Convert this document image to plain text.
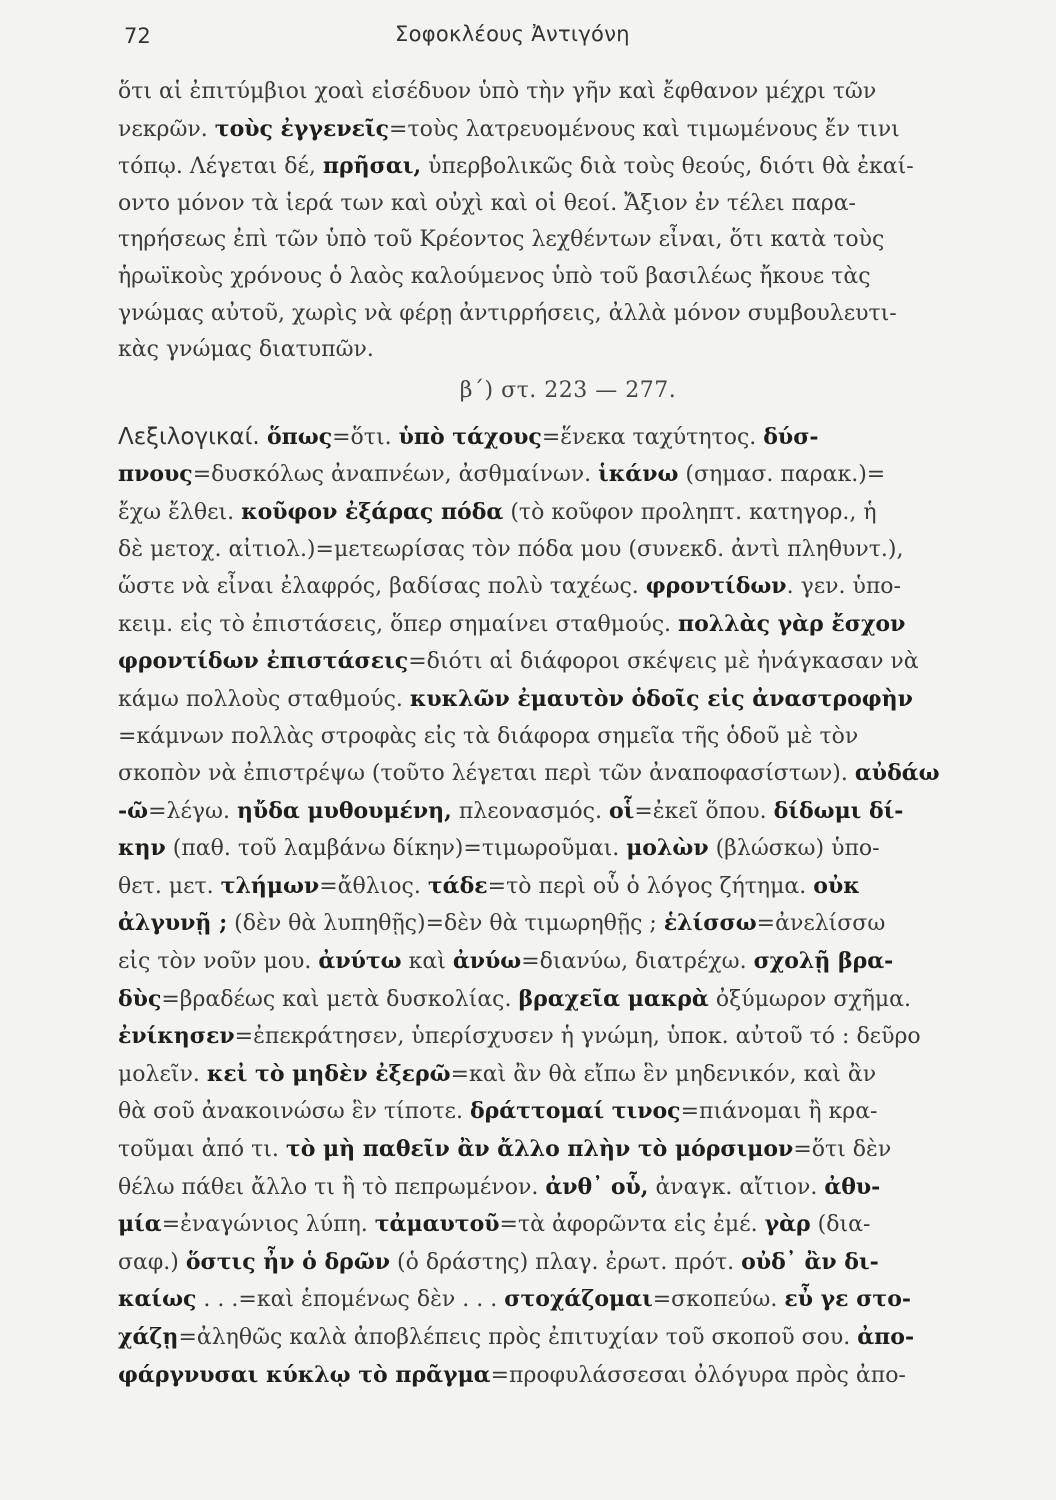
72	Σοφοκλέους Ἀντιγόνη
ὅτι αἱ ἐπιτύμβιοι χοαὶ εἰσέδυον ὑπὸ τὴν γῆν καὶ ἔφθανον μέχρι τῶν
νεκρῶν. τοὺς ἐγγενεῖς=τοὺς λατρευομένους καὶ τιμωμένους ἔν τινι
τόπῳ. Λέγεται δέ, πρῆσαι, ὑπερβολικῶς διὰ τοὺς θεούς, διότι θὰ ἐκαί-
οντο μόνον τὰ ἱερά των καὶ οὐχὶ καὶ οἱ θεοί. Ἄξιον ἐν τέλει παρα-
τηρήσεως ἐπὶ τῶν ὑπὸ τοῦ Κρέοντος λεχθέντων εἶναι, ὅτι κατὰ τοὺς
ἡρωϊκοὺς χρόνους ὁ λαὸς καλούμενος ὑπὸ τοῦ βασιλέως ἤκουε τὰς
γνώμας αὐτοῦ, χωρὶς νὰ φέρῃ ἀντιρρήσεις, ἀλλὰ μόνον συμβουλευτι-
κὰς γνώμας διατυπῶν.
β΄) στ. 223 — 277.
Λεξιλογικαί. ὅπως=ὅτι. ὑπὸ τάχους=ἕνεκα ταχύτητος. δύσ-
πνους=δυσκόλως ἀναπνέων, ἀσθμαίνων. ἱκάνω (σημασ. παρακ.)=
ἔχω ἔλθει. κοῦφον ἐξάρας πόδα (τὸ κοῦφον προληπτ. κατηγορ., ἡ
δὲ μετοχ. αἰτιολ.)=μετεωρίσας τὸν πόδα μου (συνεκδ. ἀντὶ πληθυντ.),
ὥστε νὰ εἶναι ἐλαφρός, βαδίσας πολὺ ταχέως. φροντίδων. γεν. ὑπο-
κειμ. εἰς τὸ ἐπιστάσεις, ὅπερ σημαίνει σταθμούς. πολλὰς γὰρ ἔσχον
φροντίδων ἐπιστάσεις=διότι αἱ διάφοροι σκέψεις μὲ ἠνάγκασαν νὰ
κάμω πολλοὺς σταθμούς. κυκλῶν ἐμαυτὸν ὁδοῖς εἰς ἀναστροφὴν
=κάμνων πολλὰς στροφὰς εἰς τὰ διάφορα σημεῖα τῆς ὁδοῦ μὲ τὸν
σκοπὸν νὰ ἐπιστρέψω (τοῦτο λέγεται περὶ τῶν ἀναποφασίστων). αὐδάω
-ῶ=λέγω. ηὔδα μυθουμένη, πλεονασμός. οἷ=ἐκεῖ ὅπου. δίδωμι δί-
κην (παθ. τοῦ λαμβάνω δίκην)=τιμωροῦμαι. μολὼν (βλώσκω) ὑπο-
θετ. μετ. τλήμων=ἄθλιος. τάδε=τὸ περὶ οὗ ὁ λόγος ζήτημα. οὐκ
ἀλγυνῇ ; (δὲν θὰ λυπηθῇς)=δὲν θὰ τιμωρηθῇς ; ἑλίσσω=ἀνελίσσω
εἰς τὸν νοῦν μου. ἀνύτω καὶ ἀνύω=διανύω, διατρέχω. σχολῇ βρα-
δὺς=βραδέως καὶ μετὰ δυσκολίας. βραχεῖα μακρὰ ὀξύμωρον σχῆμα.
ἐνίκησεν=ἐπεκράτησεν, ὑπερίσχυσεν ἡ γνώμη, ὑποκ. αὐτοῦ τό : δεῦρο
μολεῖν. κεἰ τὸ μηδὲν ἐξερῶ=καὶ ἂν θὰ εἴπω ἓν μηδενικόν, καὶ ἂν
θὰ σοῦ ἀνακοινώσω ἓν τίποτε. δράττομαί τινος=πιάνομαι ἢ κρα-
τοῦμαι ἀπό τι. τὸ μὴ παθεῖν ἂν ἄλλο πλὴν τὸ μόρσιμον=ὅτι δὲν
θέλω πάθει ἄλλο τι ἢ τὸ πεπρωμένον. ἀνθ᾽ οὗ, ἀναγκ. αἴτιον. ἀθυ-
μία=ἐναγώνιος λύπη. τἀμαυτοῦ=τὰ ἀφορῶντα εἰς ἐμέ. γὰρ (δια-
σαφ.) ὅστις ἦν ὁ δρῶν (ὁ δράστης) πλαγ. ἐρωτ. πρότ. οὐδ᾽ ἂν δι-
καίως . . .=καὶ ἑπομένως δὲν . . . στοχάζομαι=σκοπεύω. εὖ γε στο-
χάζῃ=ἀληθῶς καλὰ ἀποβλέπεις πρὸς ἐπιτυχίαν τοῦ σκοποῦ σου. ἀπο-
φάργνυσαι κύκλῳ τὸ πρᾶγμα=προφυλάσσεσαι ὀλόγυρα πρὸς ἀπο-
